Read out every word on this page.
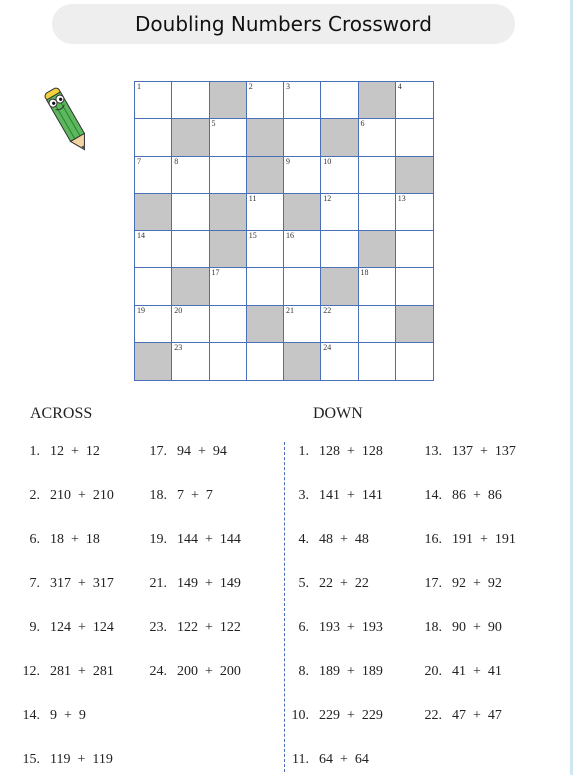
Doubling Numbers Crossword
1	2	3	4
5	6
7	8	9	10
11	12	13
14	15	16
17	18
19	20	21	22
23	24
ACROSS	DOWN
1. 12  +  12
2. 210  +  210
6. 18  +  18
7. 317  +  317
9. 124  +  124
12. 281  +  281
14. 9  +  9
15. 119  +  119
17. 94  +  94
18. 7  +  7
19. 144  +  144
21. 149  +  149
23. 122  +  122
24. 200  +  200
1. 128  +  128
3. 141  +  141
4. 48  +  48
5. 22  +  22
6. 193  +  193
8. 189  +  189
10. 229  +  229
11. 64  +  64
13. 137  +  137
14. 86  +  86
16. 191  +  191
17. 92  +  92
18. 90  +  90
20. 41  +  41
22. 47  +  47
